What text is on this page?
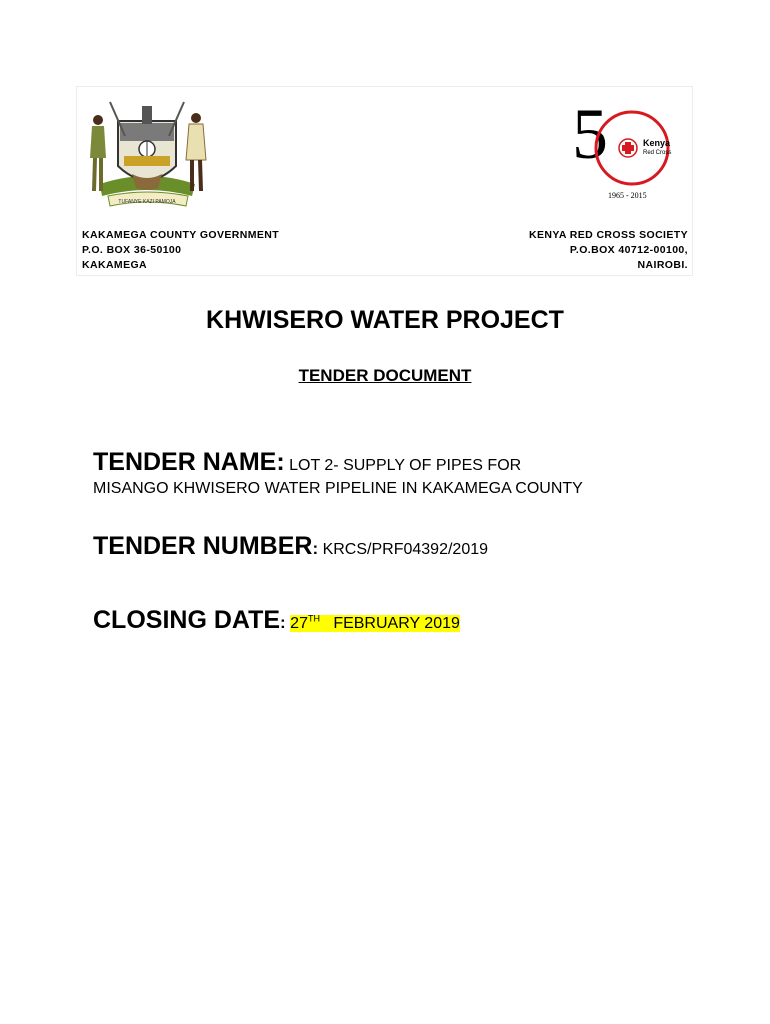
TUFANYE KAZI PAMOJA
5	Kenya
Red Cross
1965 - 2015
KAKAMEGA COUNTY GOVERNMENT
P.O. BOX 36-50100
KAKAMEGA
KENYA RED CROSS SOCIETY
P.O.BOX 40712-00100,
NAIROBI.
KHWISERO WATER PROJECT
TENDER DOCUMENT
TENDER NAME: LOT 2- SUPPLY OF PIPES FOR
MISANGO KHWISERO WATER PIPELINE IN KAKAMEGA COUNTY
TENDER NUMBER: KRCS/PRF04392/2019
CLOSING DATE: 27TH FEBRUARY 2019
